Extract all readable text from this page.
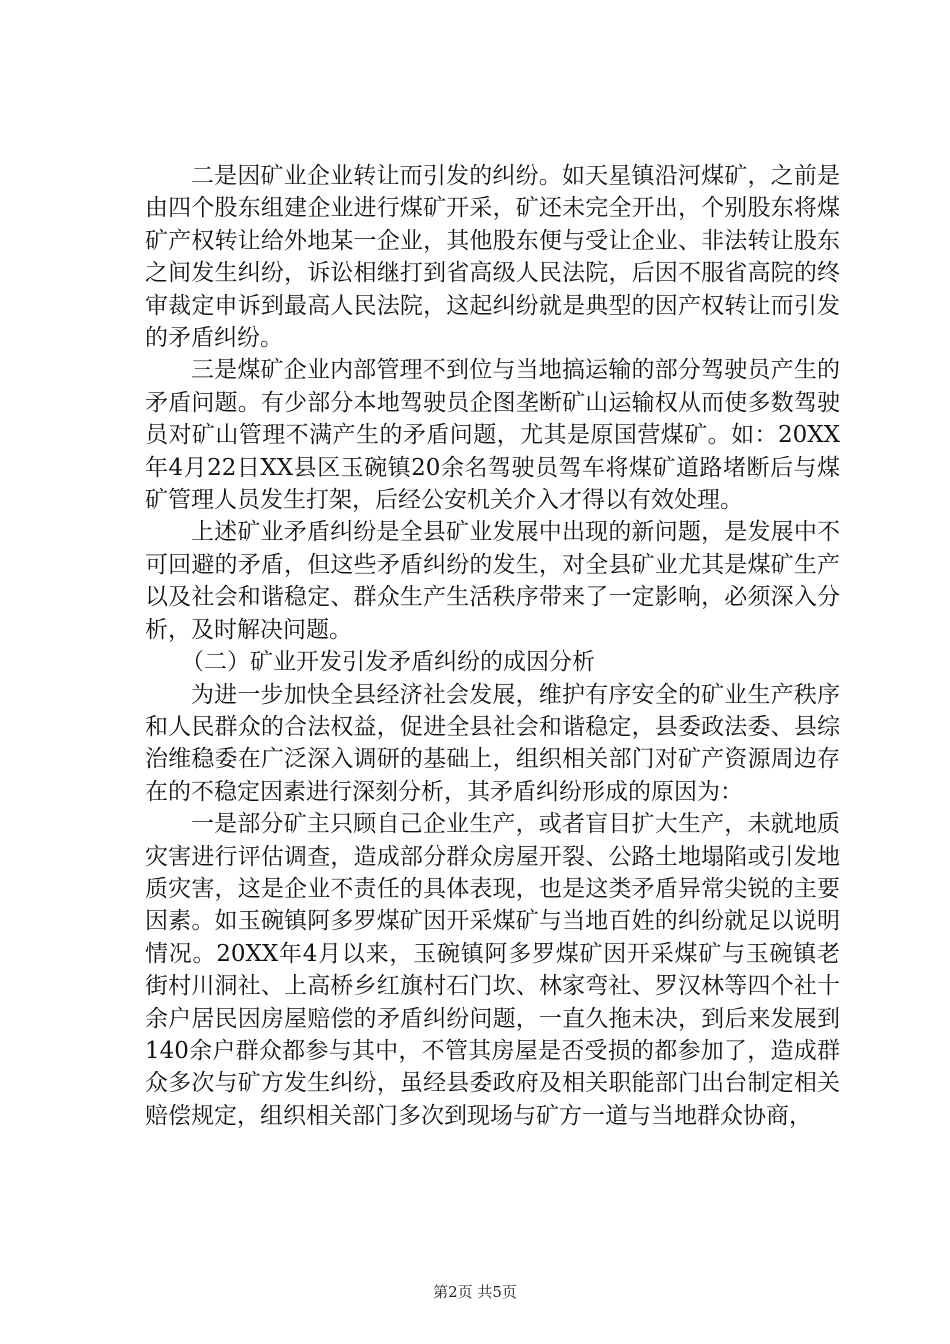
二是因矿业企业转让而引发的纠纷。如天星镇沿河煤矿，之前是由四个股东组建企业进行煤矿开采，矿还未完全开出，个别股东将煤矿产权转让给外地某一企业，其他股东便与受让企业、非法转让股东之间发生纠纷，诉讼相继打到省高级人民法院，后因不服省高院的终审裁定申诉到最高人民法院，这起纠纷就是典型的因产权转让而引发的矛盾纠纷。

三是煤矿企业内部管理不到位与当地搞运输的部分驾驶员产生的矛盾问题。有少部分本地驾驶员企图垄断矿山运输权从而使多数驾驶员对矿山管理不满产生的矛盾问题，尤其是原国营煤矿。如：20XX年4月22日XX县区玉碗镇20余名驾驶员驾车将煤矿道路堵断后与煤矿管理人员发生打架，后经公安机关介入才得以有效处理。

上述矿业矛盾纠纷是全县矿业发展中出现的新问题，是发展中不可回避的矛盾，但这些矛盾纠纷的发生，对全县矿业尤其是煤矿生产以及社会和谐稳定、群众生产生活秩序带来了一定影响，必须深入分析，及时解决问题。

（二）矿业开发引发矛盾纠纷的成因分析

为进一步加快全县经济社会发展，维护有序安全的矿业生产秩序和人民群众的合法权益，促进全县社会和谐稳定，县委政法委、县综治维稳委在广泛深入调研的基础上，组织相关部门对矿产资源周边存在的不稳定因素进行深刻分析，其矛盾纠纷形成的原因为：

一是部分矿主只顾自己企业生产，或者盲目扩大生产，未就地质灾害进行评估调查，造成部分群众房屋开裂、公路土地塌陷或引发地质灾害，这是企业不责任的具体表现，也是这类矛盾异常尖锐的主要因素。如玉碗镇阿多罗煤矿因开采煤矿与当地百姓的纠纷就足以说明情况。20XX年4月以来，玉碗镇阿多罗煤矿因开采煤矿与玉碗镇老街村川洞社、上高桥乡红旗村石门坎、林家弯社、罗汉林等四个社十余户居民因房屋赔偿的矛盾纠纷问题，一直久拖未决，到后来发展到140余户群众都参与其中，不管其房屋是否受损的都参加了，造成群众多次与矿方发生纠纷，虽经县委政府及相关职能部门出台制定相关赔偿规定，组织相关部门多次到现场与矿方一道与当地群众协商，

第2页 共5页
